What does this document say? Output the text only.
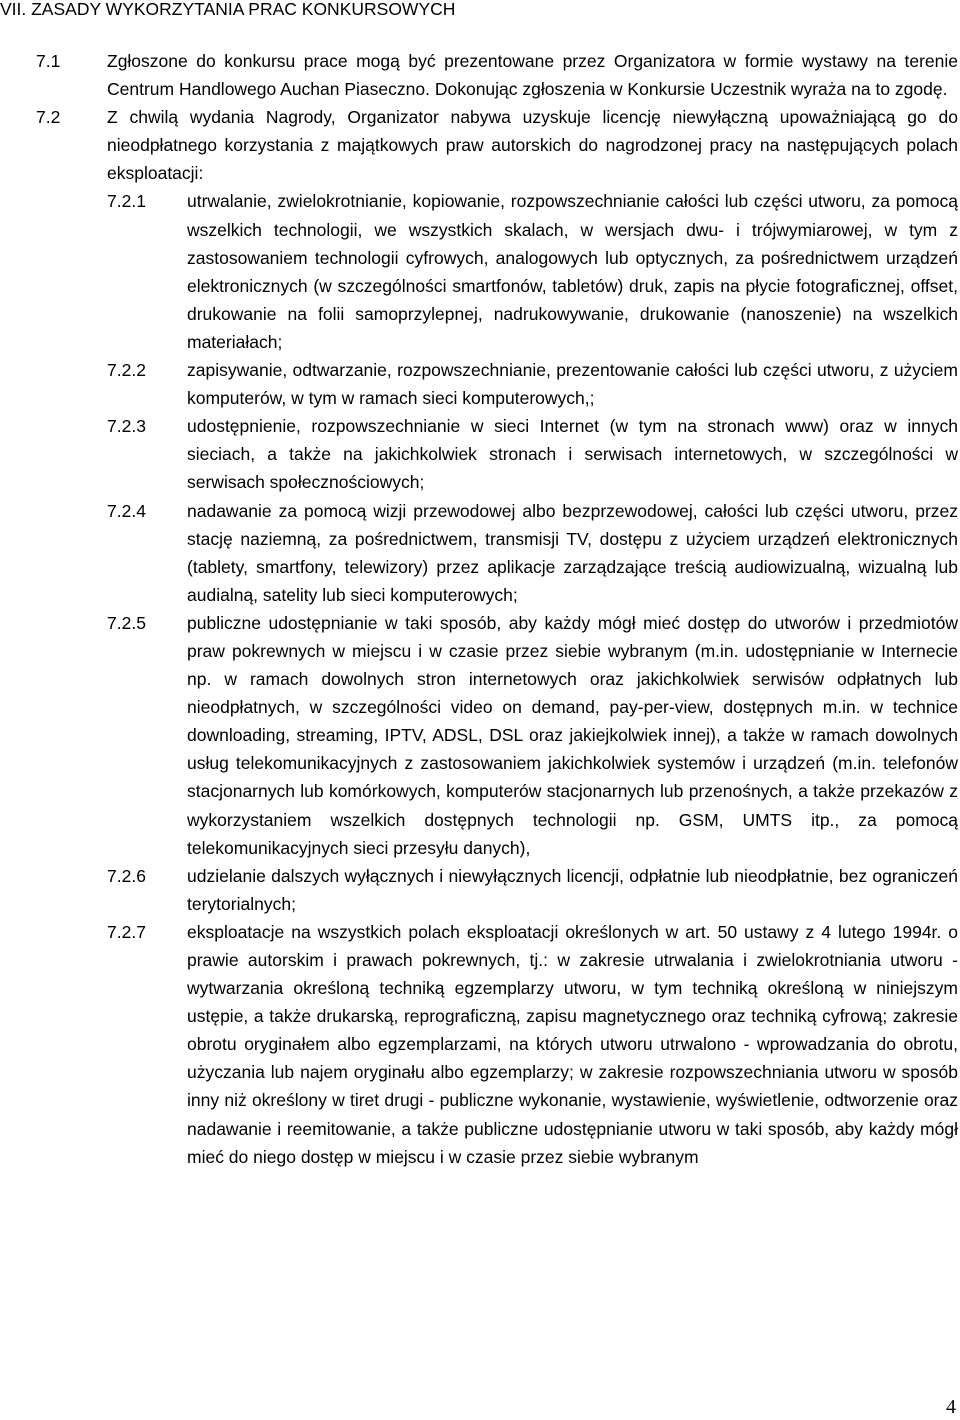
VII. ZASADY WYKORZYTANIA PRAC KONKURSOWYCH
7.1	Zgłoszone do konkursu prace mogą być prezentowane przez Organizatora w formie wystawy na terenie Centrum Handlowego Auchan Piaseczno. Dokonując zgłoszenia w Konkursie Uczestnik wyraża na to zgodę.
7.2	Z chwilą wydania Nagrody, Organizator nabywa uzyskuje licencję niewyłączną upoważniającą go do nieodpłatnego korzystania z majątkowych praw autorskich do nagrodzonej pracy na następujących polach eksploatacji:
7.2.1 utrwalanie, zwielokrotnianie, kopiowanie, rozpowszechnianie całości lub części utworu, za pomocą wszelkich technologii, we wszystkich skalach, w wersjach dwu- i trójwymiarowej, w tym z zastosowaniem technologii cyfrowych, analogowych lub optycznych, za pośrednictwem urządzeń elektronicznych (w szczególności smartfonów, tabletów) druk, zapis na płycie fotograficznej, offset, drukowanie na folii samoprzylepnej, nadrukowywanie, drukowanie (nanoszenie) na wszelkich materiałach;
7.2.2 zapisywanie, odtwarzanie, rozpowszechnianie, prezentowanie całości lub części utworu, z użyciem komputerów, w tym w ramach sieci komputerowych,;
7.2.3 udostępnienie, rozpowszechnianie w sieci Internet (w tym na stronach www) oraz w innych sieciach, a także na jakichkolwiek stronach i serwisach internetowych, w szczególności w serwisach społecznościowych;
7.2.4 nadawanie za pomocą wizji przewodowej albo bezprzewodowej, całości lub części utworu, przez stację naziemną, za pośrednictwem, transmisji TV, dostępu z użyciem urządzeń elektronicznych (tablety, smartfony, telewizory) przez aplikacje zarządzające treścią audiowizualną, wizualną lub audialną, satelity lub sieci komputerowych;
7.2.5 publiczne udostępnianie w taki sposób, aby każdy mógł mieć dostęp do utworów i przedmiotów praw pokrewnych w miejscu i w czasie przez siebie wybranym (m.in. udostępnianie w Internecie np. w ramach dowolnych stron internetowych oraz jakichkolwiek serwisów odpłatnych lub nieodpłatnych, w szczególności video on demand, pay-per-view, dostępnych m.in. w technice downloading, streaming, IPTV, ADSL, DSL oraz jakiejkolwiek innej), a także w ramach dowolnych usług telekomunikacyjnych z zastosowaniem jakichkolwiek systemów i urządzeń (m.in. telefonów stacjonarnych lub komórkowych, komputerów stacjonarnych lub przenośnych, a także przekazów z wykorzystaniem wszelkich dostępnych technologii np. GSM, UMTS itp., za pomocą telekomunikacyjnych sieci przesyłu danych),
7.2.6 udzielanie dalszych wyłącznych i niewyłącznych licencji, odpłatnie lub nieodpłatnie, bez ograniczeń terytorialnych;
7.2.7 eksploatacje na wszystkich polach eksploatacji określonych w art. 50 ustawy z 4 lutego 1994r. o prawie autorskim i prawach pokrewnych, tj.: w zakresie utrwalania i zwielokrotniania utworu - wytwarzania określoną techniką egzemplarzy utworu, w tym techniką określoną w niniejszym ustępie, a także drukarską, reprograficzną, zapisu magnetycznego oraz techniką cyfrową; zakresie obrotu oryginałem albo egzemplarzami, na których utworu utrwalono - wprowadzania do obrotu, użyczania lub najem oryginału albo egzemplarzy; w zakresie rozpowszechniania utworu w sposób inny niż określony w tiret drugi - publiczne wykonanie, wystawienie, wyświetlenie, odtworzenie oraz nadawanie i reemitowanie, a także publiczne udostępnianie utworu w taki sposób, aby każdy mógł mieć do niego dostęp w miejscu i w czasie przez siebie wybranym
4
